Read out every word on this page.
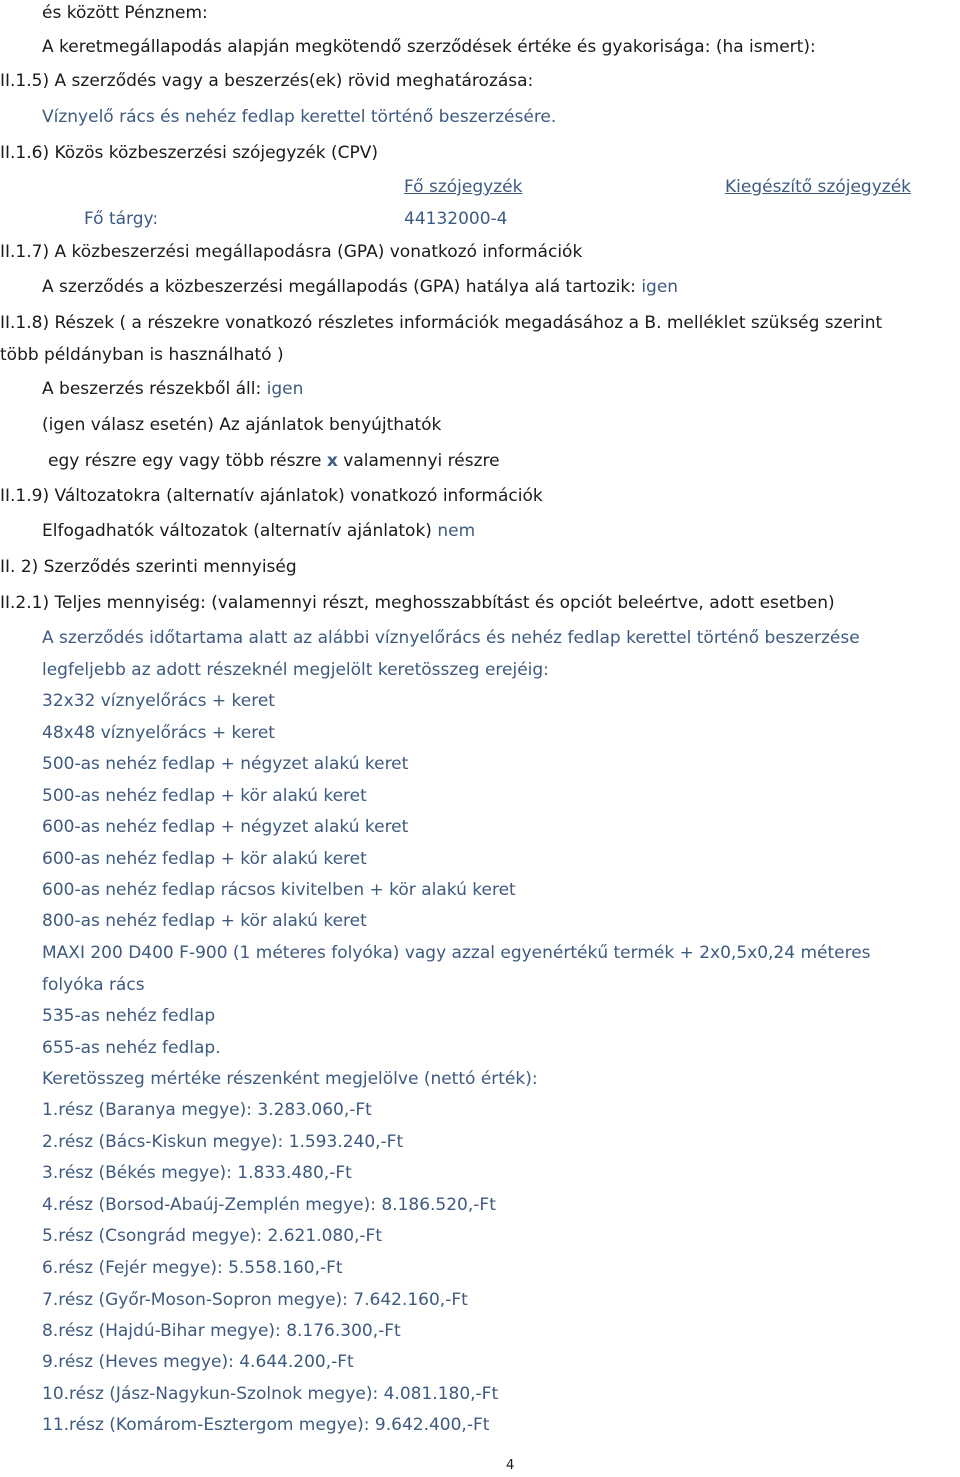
és között Pénznem:
A keretmegállapodás alapján megkötendő szerződések értéke és gyakorisága: (ha ismert):
II.1.5) A szerződés vagy a beszerzés(ek) rövid meghatározása:
Víznyelő rács és nehéz fedlap kerettel történő beszerzésére.
II.1.6) Közös közbeszerzési szójegyzék (CPV)
Fő szójegyzék	Kiegészítő szójegyzék
Fő tárgy:	44132000-4
II.1.7) A közbeszerzési megállapodásra (GPA) vonatkozó információk
A szerződés a közbeszerzési megállapodás (GPA) hatálya alá tartozik: igen
II.1.8) Részek ( a részekre vonatkozó részletes információk megadásához a B. melléklet szükség szerint
több példányban is használható )
A beszerzés részekből áll: igen
(igen válasz esetén) Az ajánlatok benyújthatók
egy részre egy vagy több részre x valamennyi részre
II.1.9) Változatokra (alternatív ajánlatok) vonatkozó információk
Elfogadhatók változatok (alternatív ajánlatok) nem
II. 2) Szerződés szerinti mennyiség
II.2.1) Teljes mennyiség: (valamennyi részt, meghosszabbítást és opciót beleértve, adott esetben)
A szerződés időtartama alatt az alábbi víznyelőrács és nehéz fedlap kerettel történő beszerzése
legfeljebb az adott részeknél megjelölt keretösszeg erejéig:
32x32 víznyelőrács + keret
48x48 víznyelőrács + keret
500-as nehéz fedlap + négyzet alakú keret
500-as nehéz fedlap + kör alakú keret
600-as nehéz fedlap + négyzet alakú keret
600-as nehéz fedlap + kör alakú keret
600-as nehéz fedlap rácsos kivitelben + kör alakú keret
800-as nehéz fedlap + kör alakú keret
MAXI 200 D400 F-900 (1 méteres folyóka) vagy azzal egyenértékű termék + 2x0,5x0,24 méteres
folyóka rács
535-as nehéz fedlap
655-as nehéz fedlap.
Keretösszeg mértéke részenként megjelölve (nettó érték):
1.rész (Baranya megye): 3.283.060,-Ft
2.rész (Bács-Kiskun megye): 1.593.240,-Ft
3.rész (Békés megye): 1.833.480,-Ft
4.rész (Borsod-Abaúj-Zemplén megye): 8.186.520,-Ft
5.rész (Csongrád megye): 2.621.080,-Ft
6.rész (Fejér megye): 5.558.160,-Ft
7.rész (Győr-Moson-Sopron megye): 7.642.160,-Ft
8.rész (Hajdú-Bihar megye): 8.176.300,-Ft
9.rész (Heves megye): 4.644.200,-Ft
10.rész (Jász-Nagykun-Szolnok megye): 4.081.180,-Ft
11.rész (Komárom-Esztergom megye): 9.642.400,-Ft
4
